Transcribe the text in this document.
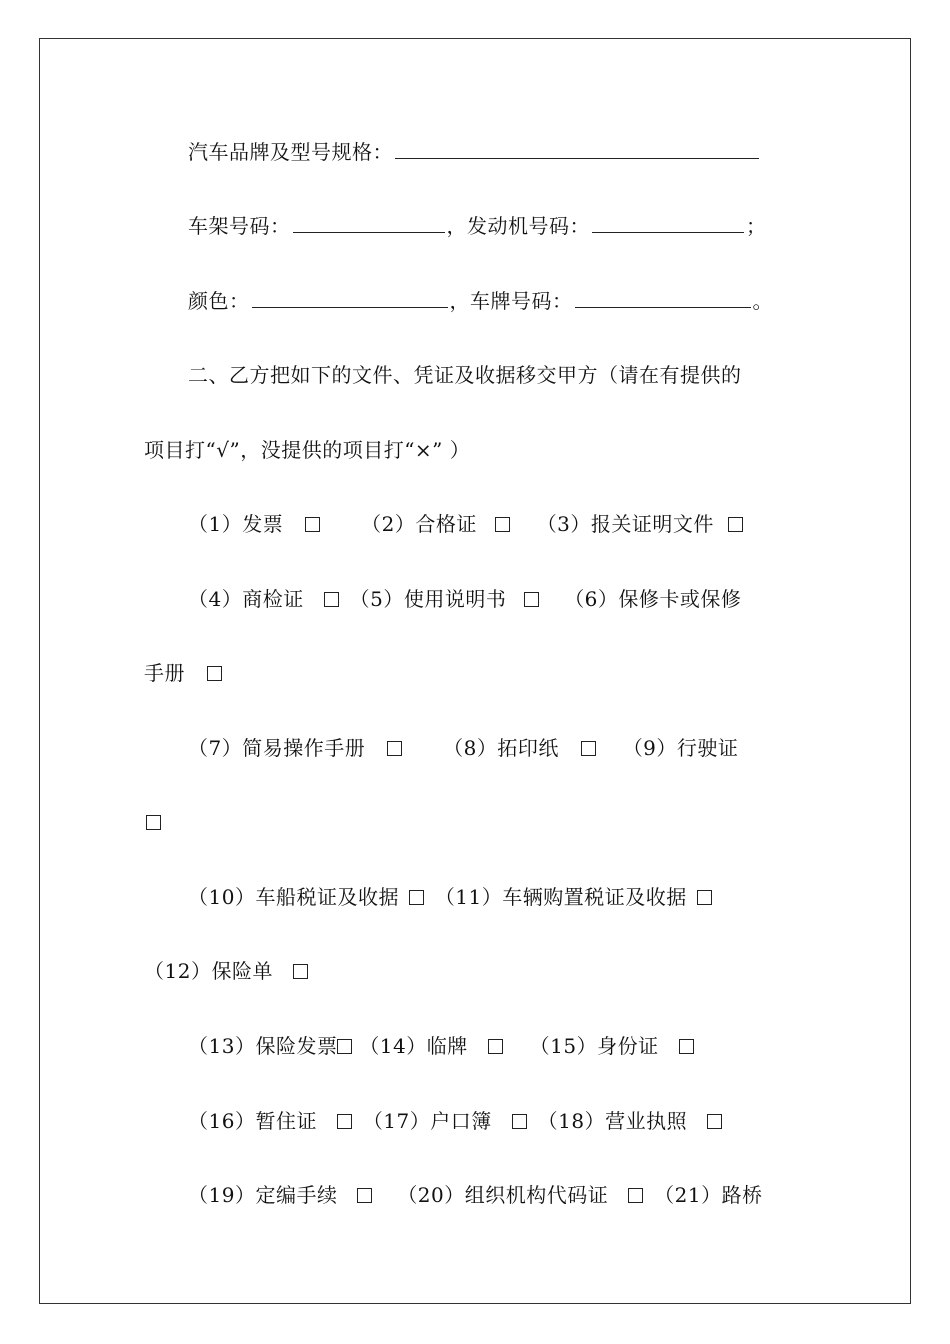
汽车品牌及型号规格：
车架号码：	，发动机号码：	；
颜色：	，车牌号码：	。
二、乙方把如下的文件、凭证及收据移交甲方（请在有提供的
项目打“√”，没提供的项目打“×” ）
（1）发票	（2）合格证	（3）报关证明文件
（4）商检证 （5）使用说明书	（6）保修卡或保修
手册
（7）简易操作手册	（8）拓印纸	（9）行驶证
（10）车船税证及收据 （11）车辆购置税证及收据
（12）保险单
（13）保险发票 （14）临牌	（15）身份证
（16）暂住证 （17）户口簿 （18）营业执照
（19）定编手续	（20）组织机构代码证 （21）路桥
